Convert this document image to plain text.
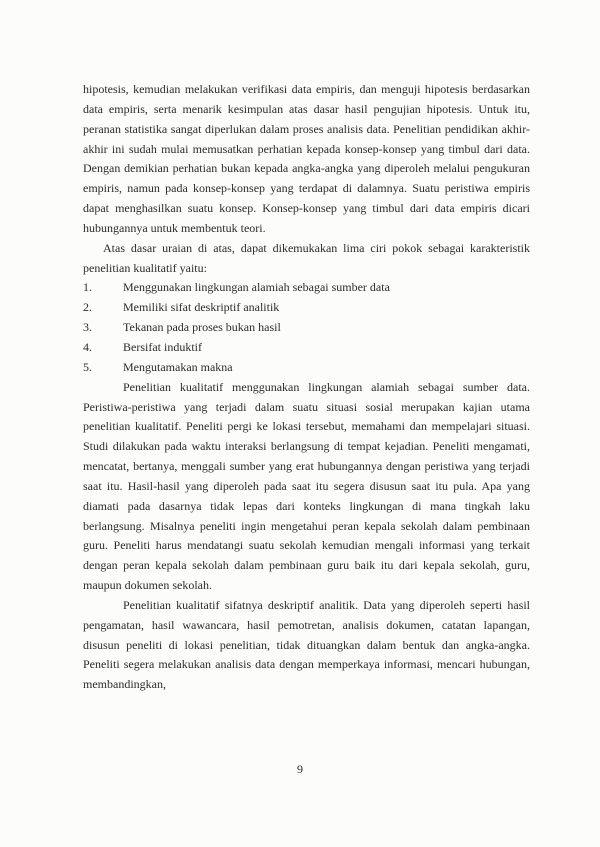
hipotesis, kemudian melakukan verifikasi data empiris, dan menguji hipotesis berdasarkan data empiris, serta menarik kesimpulan atas dasar hasil pengujian hipotesis. Untuk itu, peranan statistika sangat diperlukan dalam proses analisis data. Penelitian pendidikan akhir-akhir ini sudah mulai memusatkan perhatian kepada konsep-konsep yang timbul dari data. Dengan demikian perhatian bukan kepada angka-angka yang diperoleh melalui pengukuran empiris, namun pada konsep-konsep yang terdapat di dalamnya. Suatu peristiwa empiris dapat menghasilkan suatu konsep. Konsep-konsep yang timbul dari data empiris dicari hubungannya untuk membentuk teori.

Atas dasar uraian di atas, dapat dikemukakan lima ciri pokok sebagai karakteristik penelitian kualitatif yaitu:

1.	Menggunakan lingkungan alamiah sebagai sumber data
2.	Memiliki sifat deskriptif analitik
3.	Tekanan pada proses bukan hasil
4.	Bersifat induktif
5.	Mengutamakan makna

Penelitian kualitatif menggunakan lingkungan alamiah sebagai sumber data. Peristiwa-peristiwa yang terjadi dalam suatu situasi sosial merupakan kajian utama penelitian kualitatif. Peneliti pergi ke lokasi tersebut, memahami dan mempelajari situasi. Studi dilakukan pada waktu interaksi berlangsung di tempat kejadian. Peneliti mengamati, mencatat, bertanya, menggali sumber yang erat hubungannya dengan peristiwa yang terjadi saat itu. Hasil-hasil yang diperoleh pada saat itu segera disusun saat itu pula. Apa yang diamati pada dasarnya tidak lepas dari konteks lingkungan di mana tingkah laku berlangsung. Misalnya peneliti ingin mengetahui peran kepala sekolah dalam pembinaan guru. Peneliti harus mendatangi suatu sekolah kemudian mengali informasi yang terkait dengan peran kepala sekolah dalam pembinaan guru baik itu dari kepala sekolah, guru, maupun dokumen sekolah.

Penelitian kualitatif sifatnya deskriptif analitik. Data yang diperoleh seperti hasil pengamatan, hasil wawancara, hasil pemotretan, analisis dokumen, catatan lapangan, disusun peneliti di lokasi penelitian, tidak dituangkan dalam bentuk dan angka-angka. Peneliti segera melakukan analisis data dengan memperkaya informasi, mencari hubungan, membandingkan,

9
